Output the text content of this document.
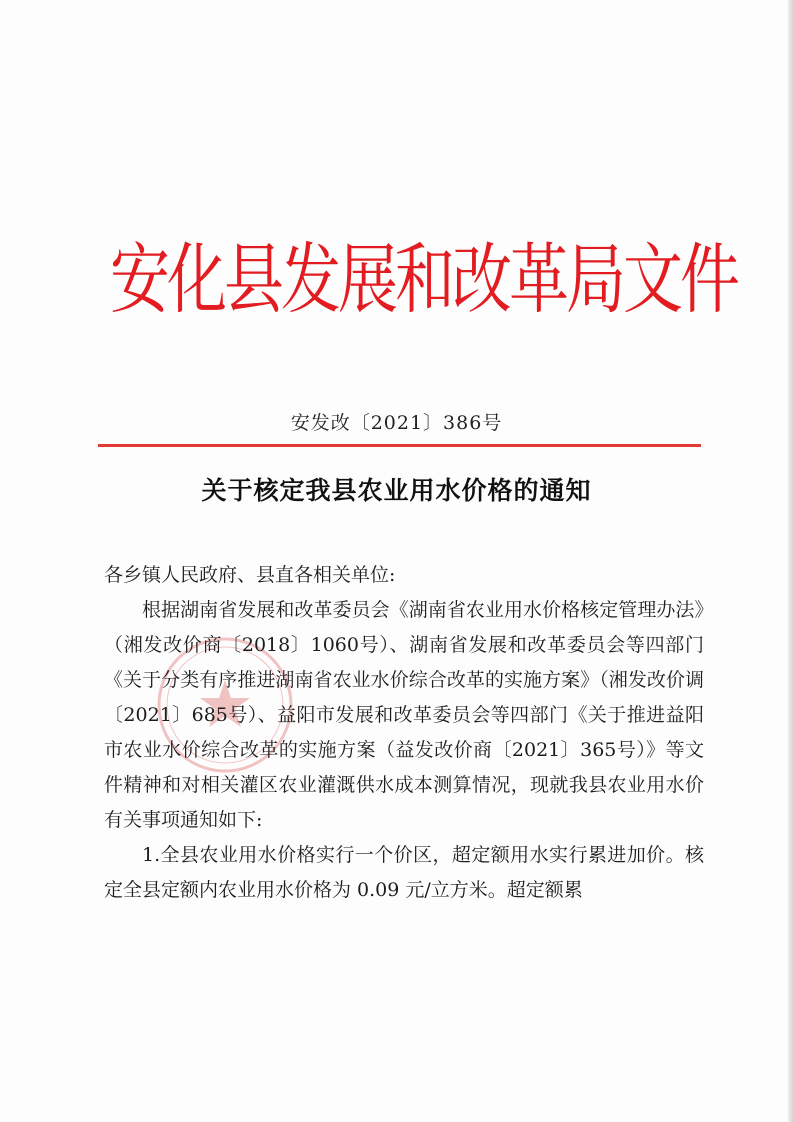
安化县发展和改革局文件
安发改〔2021〕386号
关于核定我县农业用水价格的通知

各乡镇人民政府、县直各相关单位:

根据湖南省发展和改革委员会《湖南省农业用水价格核定管理办法》（湘发改价商〔2018〕1060号）、湖南省发展和改革委员会等四部门《关于分类有序推进湖南省农业水价综合改革的实施方案》（湘发改价调〔2021〕685号）、益阳市发展和改革委员会等四部门《关于推进益阳市农业水价综合改革的实施方案（益发改价商〔2021〕365号）》等文件精神和对相关灌区农业灌溉供水成本测算情况，现就我县农业用水价有关事项通知如下:

1.全县农业用水价格实行一个价区，超定额用水实行累进加价。核定全县定额内农业用水价格为 0.09 元/立方米。超定额累
